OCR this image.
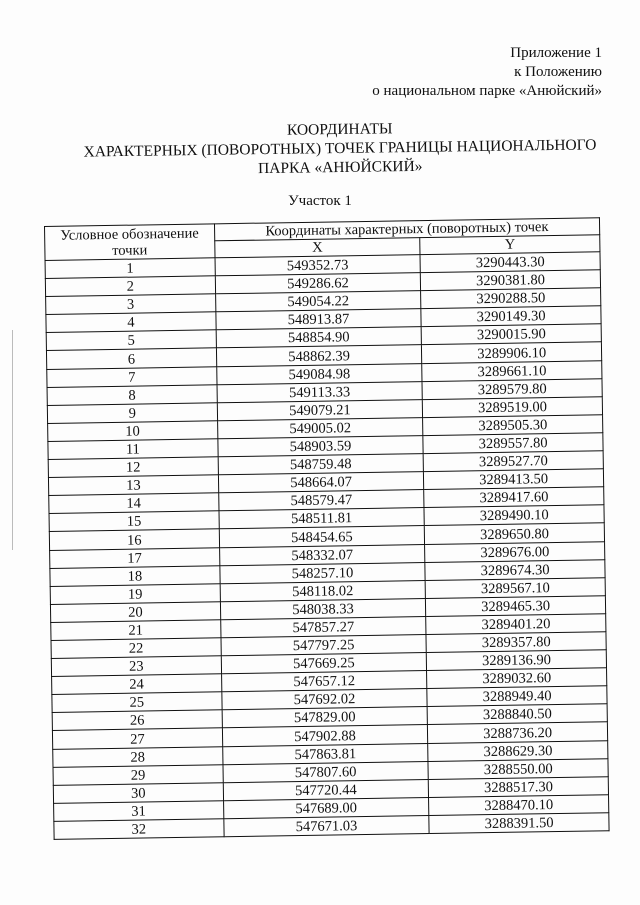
Приложение 1
к Положению
о национальном парке «Анюйский»
КООРДИНАТЫ
ХАРАКТЕРНЫХ (ПОВОРОТНЫХ) ТОЧЕК ГРАНИЦЫ НАЦИОНАЛЬНОГО
ПАРКА «АНЮЙСКИЙ»
Участок 1
Условное обозначение точки	Координаты характерных (поворотных) точек	
	X	Y
1	549352.73	3290443.30
2	549286.62	3290381.80
3	549054.22	3290288.50
4	548913.87	3290149.30
5	548854.90	3290015.90
6	548862.39	3289906.10
7	549084.98	3289661.10
8	549113.33	3289579.80
9	549079.21	3289519.00
10	549005.02	3289505.30
11	548903.59	3289557.80
12	548759.48	3289527.70
13	548664.07	3289413.50
14	548579.47	3289417.60
15	548511.81	3289490.10
16	548454.65	3289650.80
17	548332.07	3289676.00
18	548257.10	3289674.30
19	548118.02	3289567.10
20	548038.33	3289465.30
21	547857.27	3289401.20
22	547797.25	3289357.80
23	547669.25	3289136.90
24	547657.12	3289032.60
25	547692.02	3288949.40
26	547829.00	3288840.50
27	547902.88	3288736.20
28	547863.81	3288629.30
29	547807.60	3288550.00
30	547720.44	3288517.30
31	547689.00	3288470.10
32	547671.03	3288391.50
